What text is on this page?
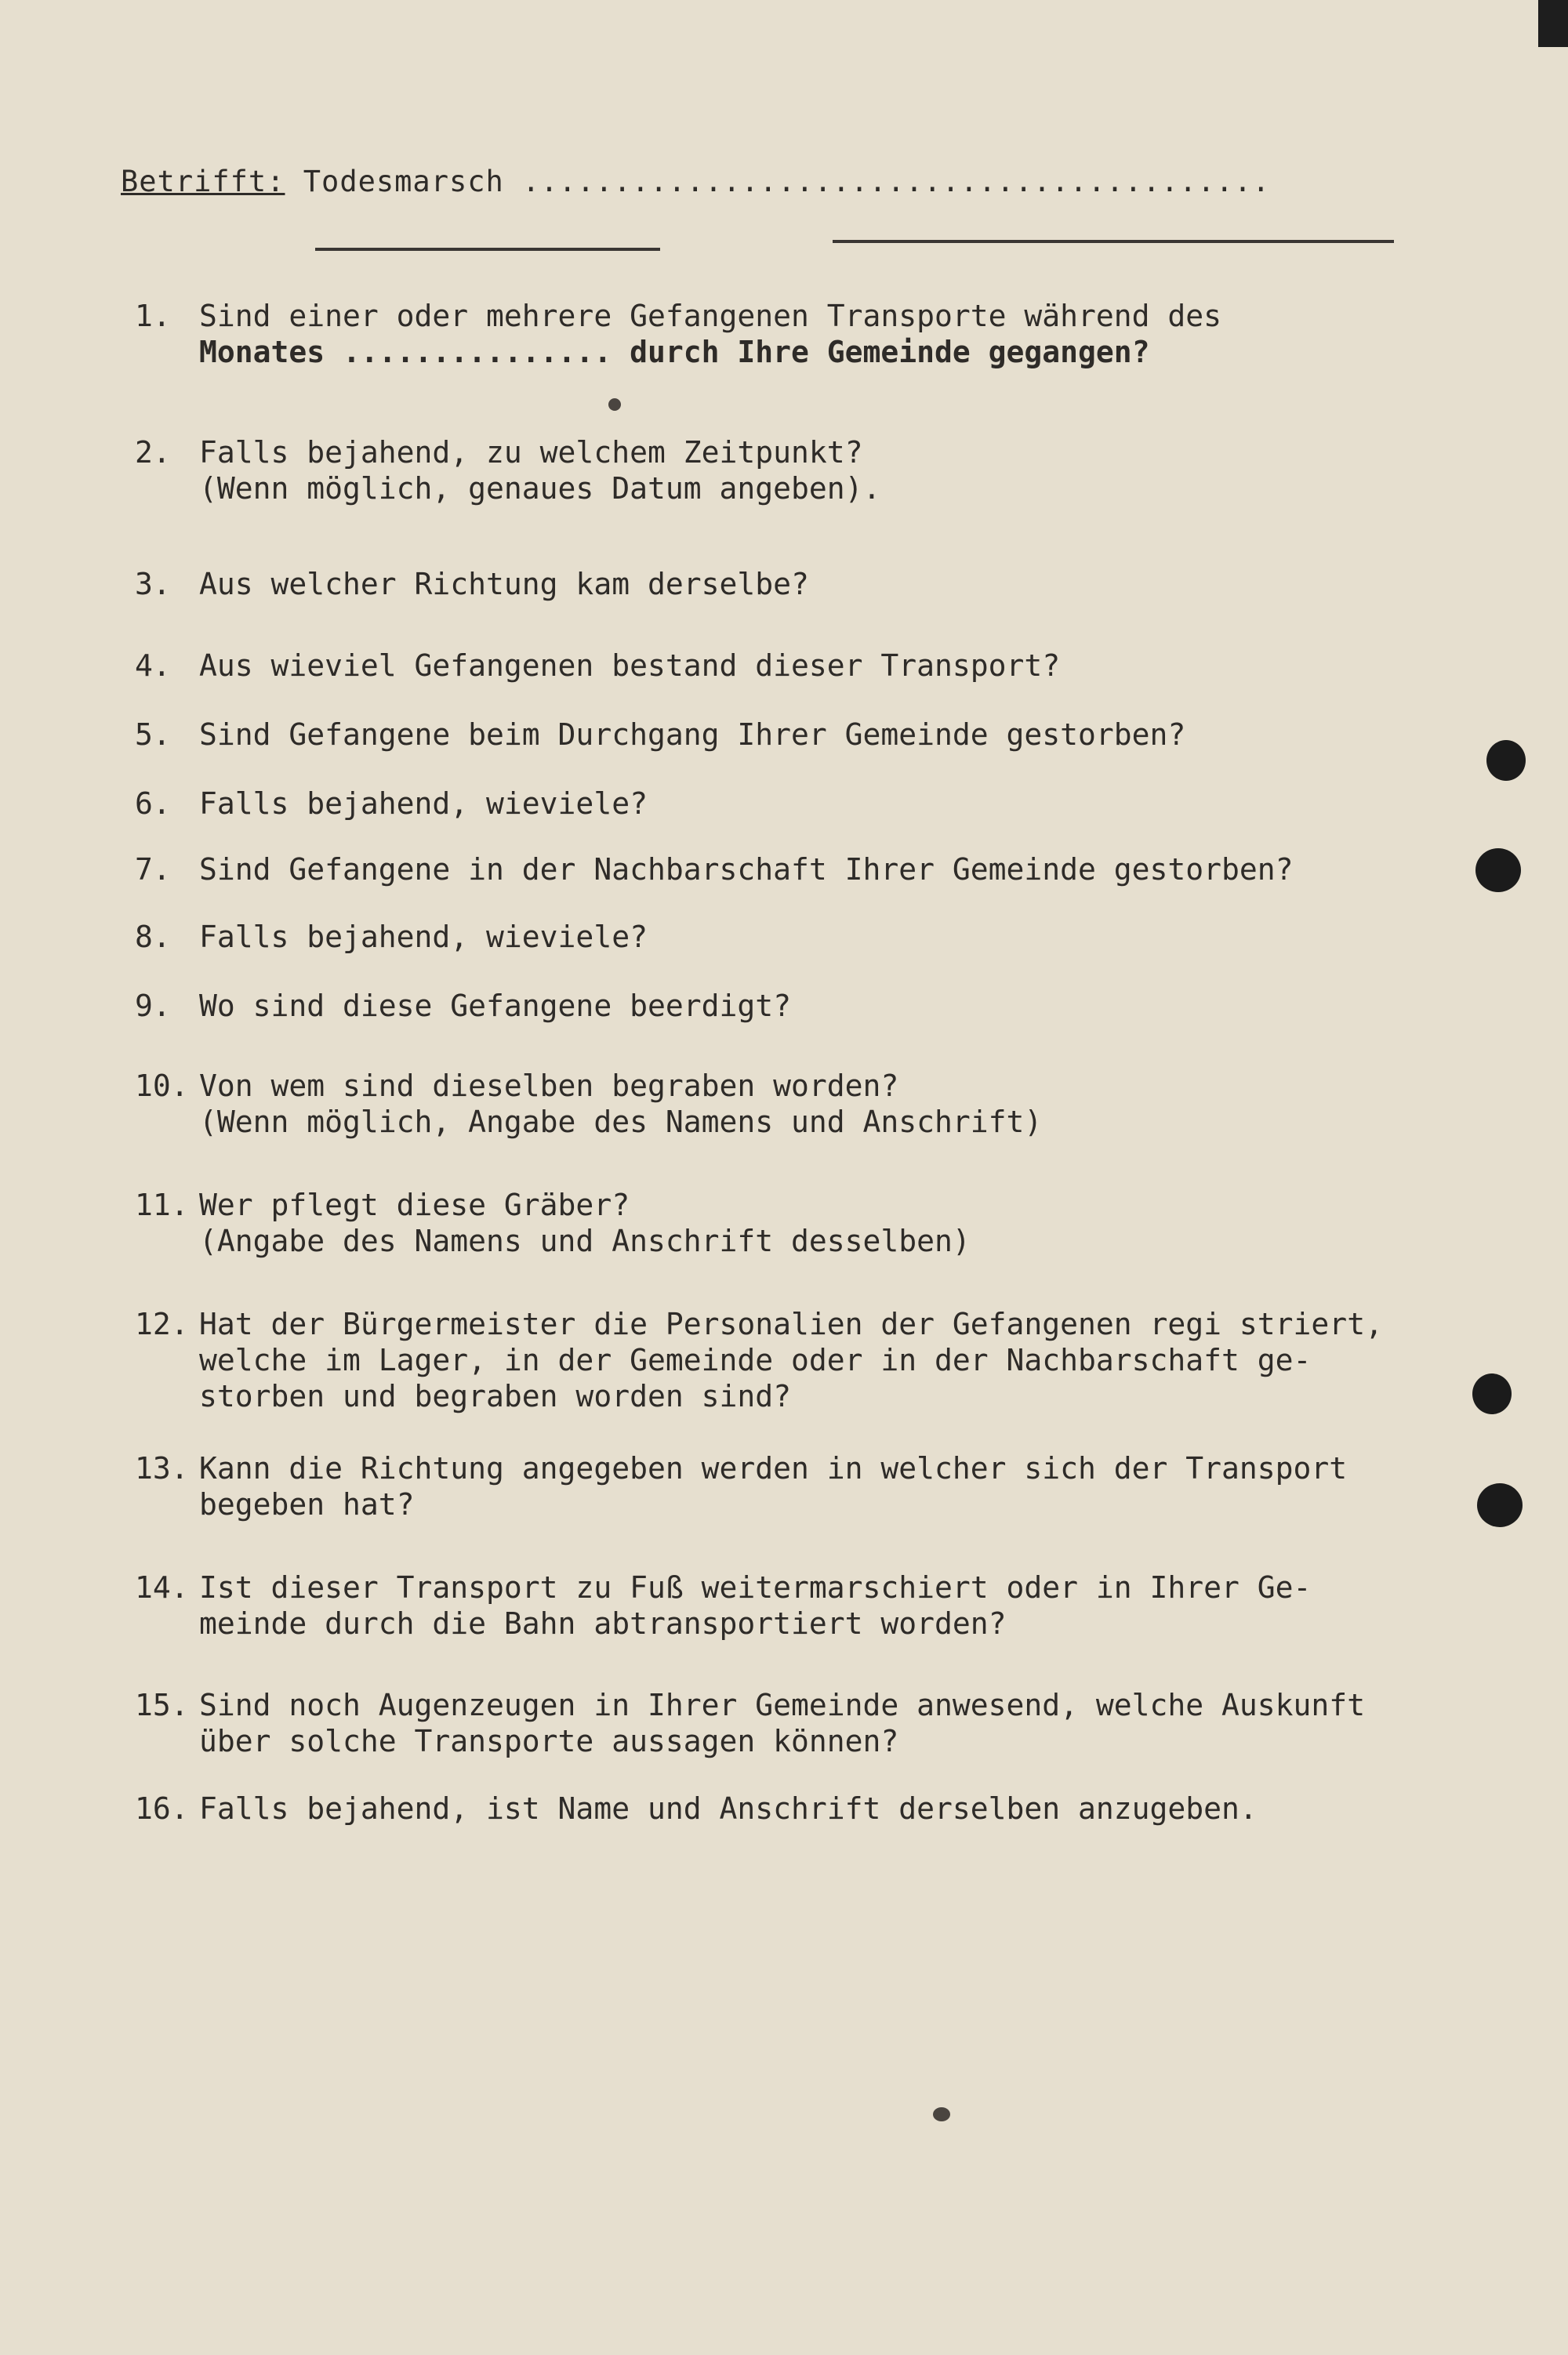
Betrifft: Todesmarsch .........................................
1. Sind einer oder mehrere Gefangenen Transporte während des
Monates ............... durch Ihre Gemeinde gegangen?
2. Falls bejahend, zu welchem Zeitpunkt?
(Wenn möglich, genaues Datum angeben).
3. Aus welcher Richtung kam derselbe?
4. Aus wieviel Gefangenen bestand dieser Transport?
5. Sind Gefangene beim Durchgang Ihrer Gemeinde gestorben?
6. Falls bejahend, wieviele?
7. Sind Gefangene in der Nachbarschaft Ihrer Gemeinde gestorben?
8. Falls bejahend, wieviele?
9. Wo sind diese Gefangene beerdigt?
10. Von wem sind dieselben begraben worden?
(Wenn möglich, Angabe des Namens und Anschrift)
11. Wer pflegt diese Gräber?
(Angabe des Namens und Anschrift desselben)
12. Hat der Bürgermeister die Personalien der Gefangenen regi striert,
welche im Lager, in der Gemeinde oder in der Nachbarschaft ge-
storben und begraben worden sind?
13. Kann die Richtung angegeben werden in welcher sich der Transport
begeben hat?
14. Ist dieser Transport zu Fuß weitermarschiert oder in Ihrer Ge-
meinde durch die Bahn abtransportiert worden?
15. Sind noch Augenzeugen in Ihrer Gemeinde anwesend, welche Auskunft
über solche Transporte aussagen können?
16. Falls bejahend, ist Name und Anschrift derselben anzugeben.
